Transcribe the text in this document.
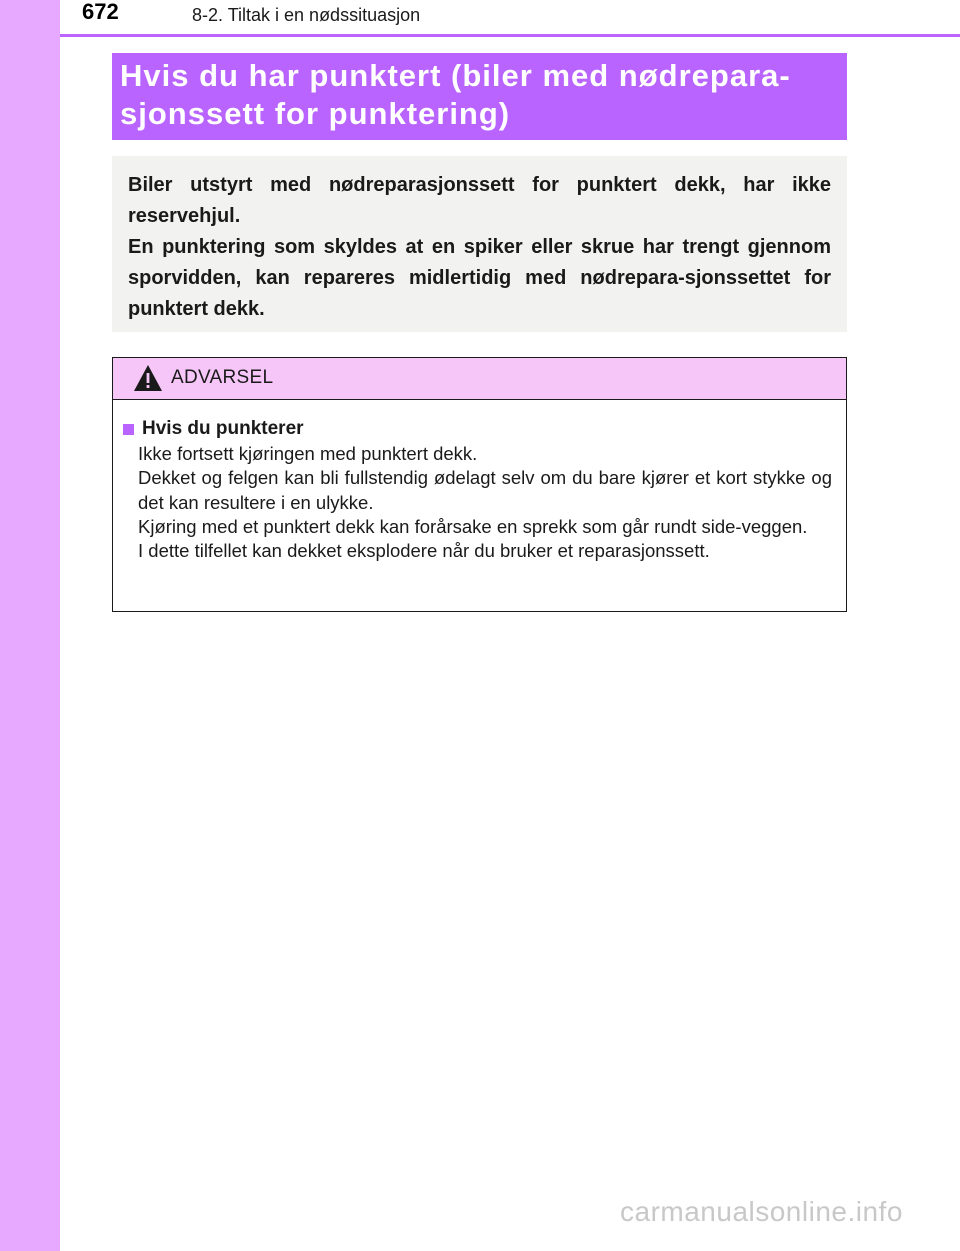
672	8-2. Tiltak i en nødssituasjon

Hvis du har punktert (biler med nødrepara-

sjonssett for punktering)

Biler utstyrt med nødreparasjonssett for punktert dekk, har ikke reservehjul.

En punktering som skyldes at en spiker eller skrue har trengt gjennom sporvidden, kan repareres midlertidig med nødrepara-sjonssettet for punktert dekk.

ADVARSEL
Hvis du punkterer

Ikke fortsett kjøringen med punktert dekk.

Dekket og felgen kan bli fullstendig ødelagt selv om du bare kjører et kort stykke og det kan resultere i en ulykke.

Kjøring med et punktert dekk kan forårsake en sprekk som går rundt side-veggen.

I dette tilfellet kan dekket eksplodere når du bruker et reparasjonssett.

carmanualsonline.info
